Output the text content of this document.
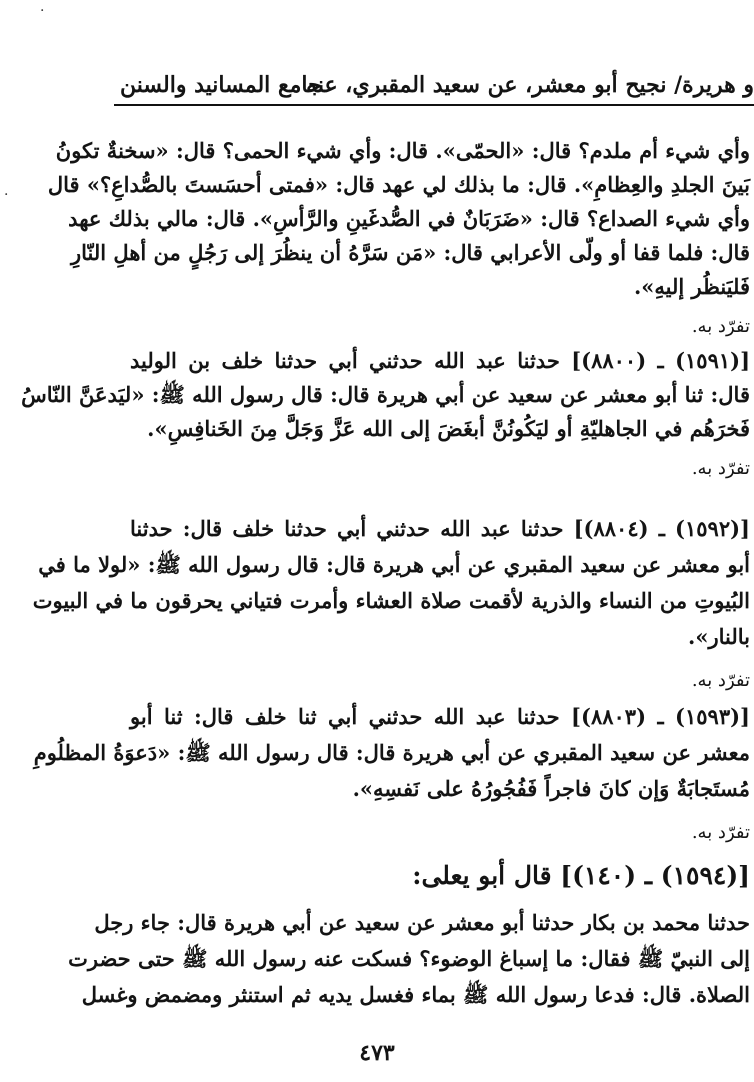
·
·
و هريرة/ نجيح أبو معشر، عن سعيد المقبري، عنه
جامع المسانيد والسنن
وأي شيء أم ملدم؟ قال: «الحمّى». قال: وأي شيء الحمى؟ قال: «سخنةٌ تكونُ
بَينَ الجلدِ والعِظامِ». قال: ما بذلك لي عهد قال: «فمتى أحسَستَ بالصُّداعِ؟» قال
وأي شيء الصداع؟ قال: «ضَرَبَانٌ في الصُّدغَينِ والرَّأسِ». قال: مالي بذلك عهد
قال: فلما قفا أو ولّى الأعرابي قال: «مَن سَرَّهُ أن ينظُرَ إلى رَجُلٍ من أهلِ النّارِ
فَليَنظُر إليهِ».
تفرّد به.
[(١٥٩١) ـ (٨٨٠٠)] حدثنا عبد الله حدثني أبي حدثنا خلف بن الوليد
قال: ثنا أبو معشر عن سعيد عن أبي هريرة قال: قال رسول الله ﷺ: «ليَدعَنَّ النّاسُ
فَخرَهُم في الجاهليّةِ أو ليَكُونُنَّ أبغَضَ إلى الله عَزَّ وَجَلَّ مِنَ الخَنافِسِ».
تفرّد به.
[(١٥٩٢) ـ (٨٨٠٤)] حدثنا عبد الله حدثني أبي حدثنا خلف قال: حدثنا
أبو معشر عن سعيد المقبري عن أبي هريرة قال: قال رسول الله ﷺ: «لولا ما في
البُيوتِ من النساء والذرية لأقمت صلاة العشاء وأمرت فتياني يحرقون ما في البيوت
بالنار».
تفرّد به.
[(١٥٩٣) ـ (٨٨٠٣)] حدثنا عبد الله حدثني أبي ثنا خلف قال: ثنا أبو
معشر عن سعيد المقبري عن أبي هريرة قال: قال رسول الله ﷺ: «دَعوَةُ المظلُومِ
مُستَجابَةٌ وَإن كانَ فاجراً فَفُجُورُهُ على نَفسِهِ».
تفرّد به.
[(١٥٩٤) ـ (١٤٠)] قال أبو يعلى:
حدثنا محمد بن بكار حدثنا أبو معشر عن سعيد عن أبي هريرة قال: جاء رجل
إلى النبيّ ﷺ فقال: ما إسباغ الوضوء؟ فسكت عنه رسول الله ﷺ حتى حضرت
الصلاة. قال: فدعا رسول الله ﷺ بماء فغسل يديه ثم استنثر ومضمض وغسل
٤٧٣
